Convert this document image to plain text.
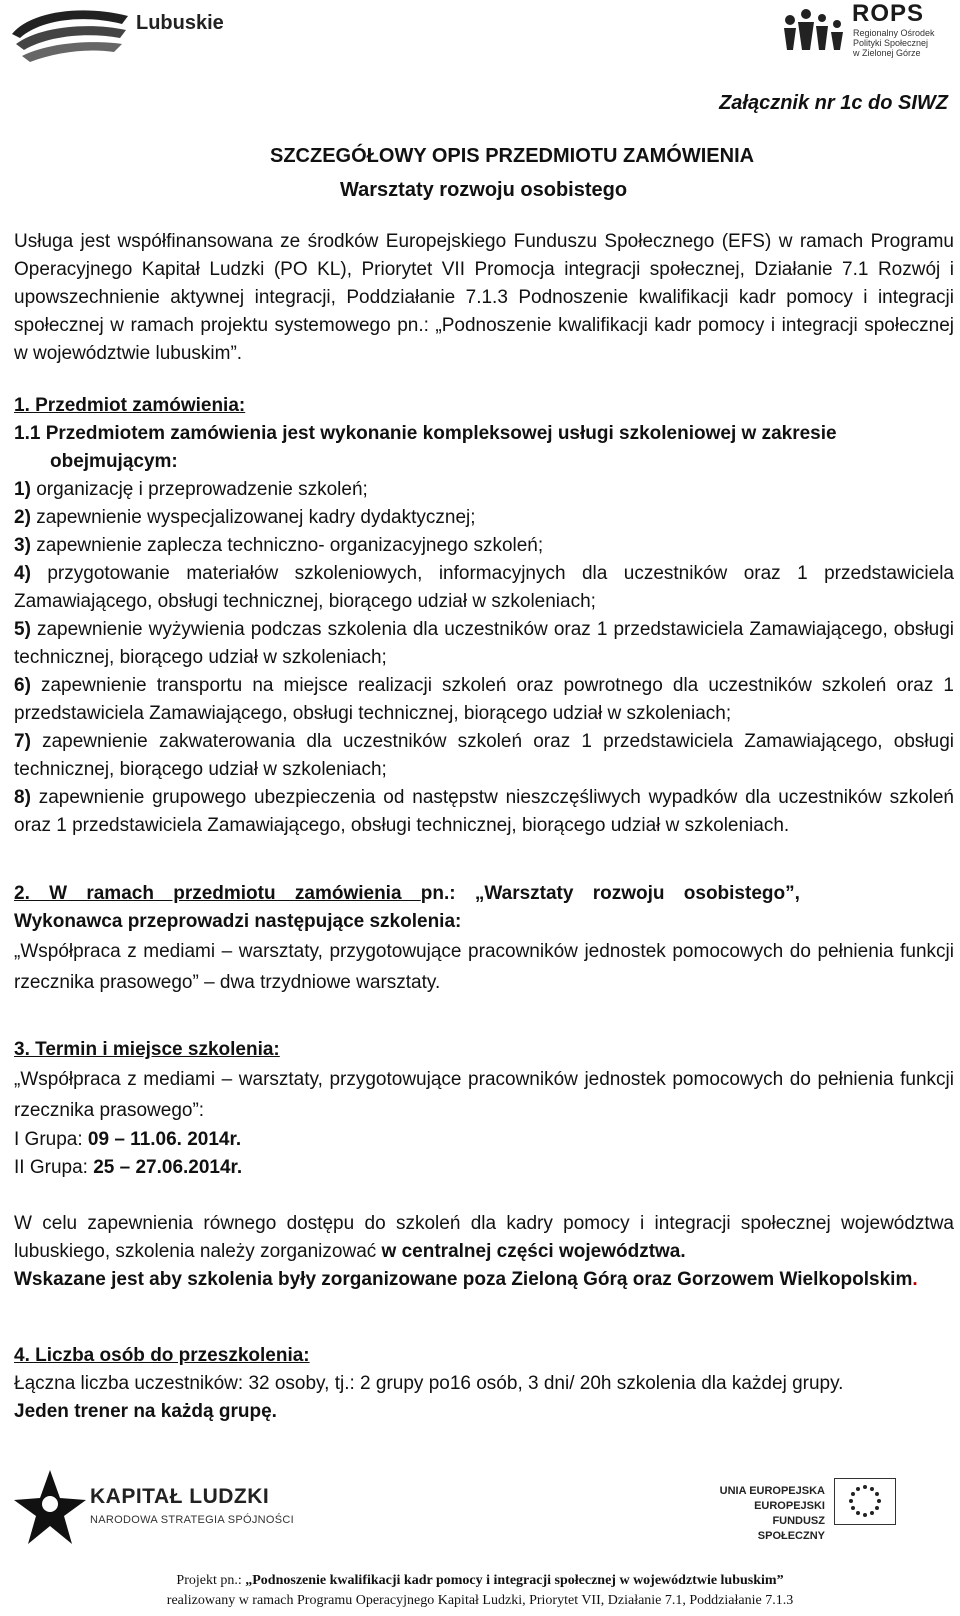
Lubuskie	ROPS
Regionalny Ośrodek
Polityki Społecznej
w Zielonej Górze
Załącznik nr 1c do SIWZ
SZCZEGÓŁOWY OPIS PRZEDMIOTU ZAMÓWIENIA
Warsztaty rozwoju osobistego
Usługa jest współfinansowana ze środków Europejskiego Funduszu Społecznego (EFS) w ramach Programu Operacyjnego Kapitał Ludzki (PO KL), Priorytet VII Promocja integracji społecznej, Działanie 7.1 Rozwój i upowszechnienie aktywnej integracji, Poddziałanie 7.1.3 Podnoszenie kwalifikacji kadr pomocy i integracji społecznej w ramach projektu systemowego pn.: „Podnoszenie kwalifikacji kadr pomocy i integracji społecznej w województwie lubuskim”.
1. Przedmiot zamówienia:
1.1 Przedmiotem zamówienia jest wykonanie kompleksowej usługi szkoleniowej w zakresie
obejmującym:
1) organizację i przeprowadzenie szkoleń;
2) zapewnienie wyspecjalizowanej kadry dydaktycznej;
3) zapewnienie zaplecza techniczno- organizacyjnego szkoleń;
4) przygotowanie materiałów szkoleniowych, informacyjnych dla uczestników oraz 1 przedstawiciela Zamawiającego, obsługi technicznej, biorącego udział w szkoleniach;
5) zapewnienie wyżywienia podczas szkolenia dla uczestników oraz 1 przedstawiciela Zamawiającego, obsługi technicznej, biorącego udział w szkoleniach;
6) zapewnienie transportu na miejsce realizacji szkoleń oraz powrotnego dla uczestników szkoleń oraz 1 przedstawiciela Zamawiającego, obsługi technicznej, biorącego udział w szkoleniach;
7) zapewnienie zakwaterowania dla uczestników szkoleń oraz 1 przedstawiciela Zamawiającego, obsługi technicznej, biorącego udział w szkoleniach;
8) zapewnienie grupowego ubezpieczenia od następstw nieszczęśliwych wypadków dla uczestników szkoleń oraz 1 przedstawiciela Zamawiającego, obsługi technicznej, biorącego udział w szkoleniach.
2. W ramach przedmiotu zamówienia pn.: „Warsztaty rozwoju osobistego”,
Wykonawca przeprowadzi następujące szkolenia:
„Współpraca z mediami – warsztaty, przygotowujące pracowników jednostek pomocowych do pełnienia funkcji rzecznika prasowego” – dwa trzydniowe warsztaty.
3. Termin i miejsce szkolenia:
„Współpraca z mediami – warsztaty, przygotowujące pracowników jednostek pomocowych do pełnienia funkcji rzecznika prasowego”:
I Grupa: 09 – 11.06. 2014r.
II Grupa: 25 – 27.06.2014r.
W celu zapewnienia równego dostępu do szkoleń dla kadry pomocy i integracji społecznej województwa lubuskiego, szkolenia należy zorganizować w centralnej części województwa.
Wskazane jest aby szkolenia były zorganizowane poza Zieloną Górą oraz Gorzowem Wielkopolskim.
4. Liczba osób do przeszkolenia:
Łączna liczba uczestników: 32 osoby, tj.: 2 grupy po16 osób, 3 dni/ 20h szkolenia dla każdej grupy.
Jeden trener na każdą grupę.
KAPITAŁ LUDZKI
NARODOWA STRATEGIA SPÓJNOŚCI
UNIA EUROPEJSKA
EUROPEJSKI
FUNDUSZ SPOŁECZNY
Projekt pn.: „Podnoszenie kwalifikacji kadr pomocy i integracji społecznej w województwie lubuskim”
realizowany w ramach Programu Operacyjnego Kapitał Ludzki, Priorytet VII, Działanie 7.1, Poddziałanie 7.1.3
